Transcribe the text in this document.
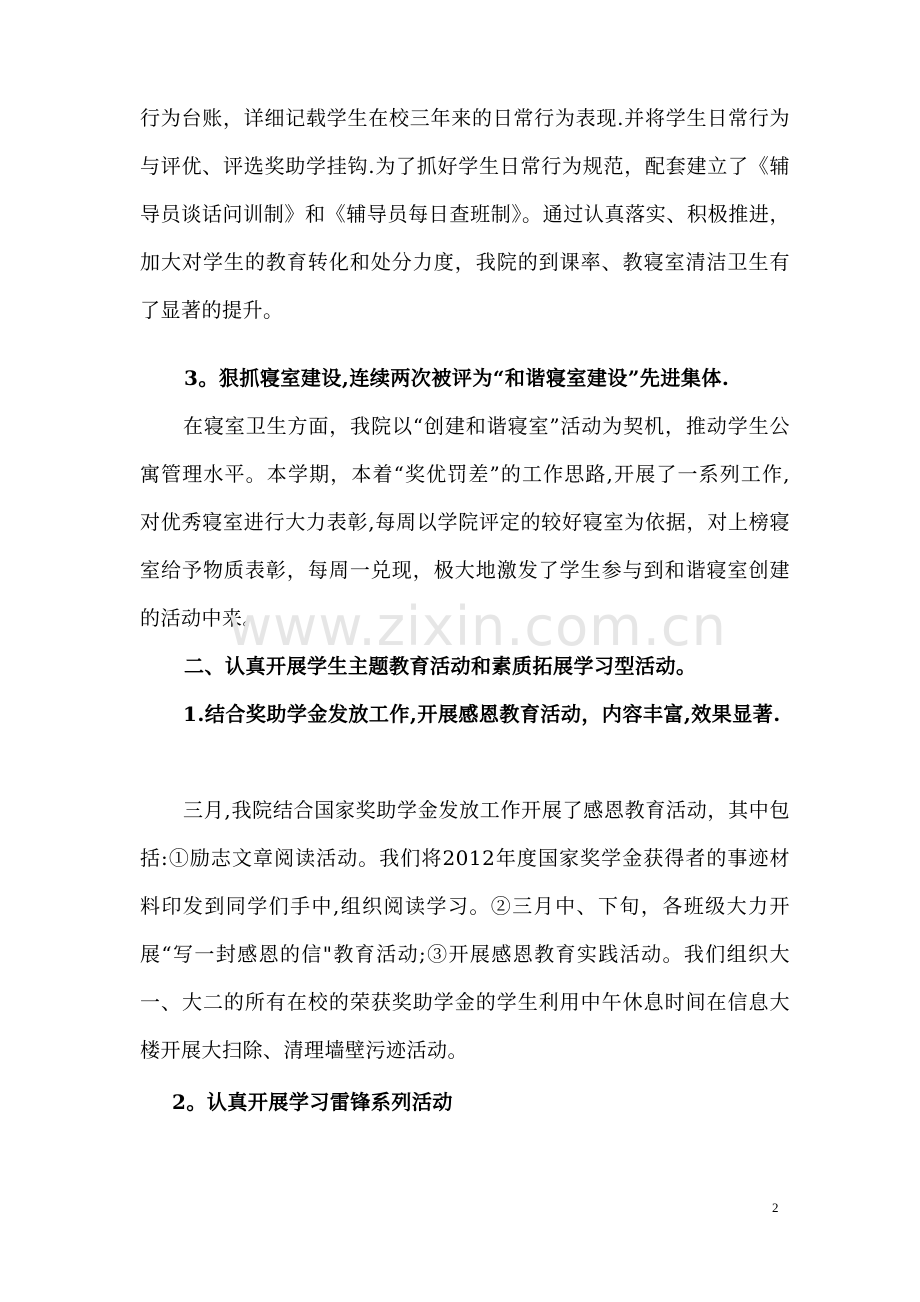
行为台账，详细记载学生在校三年来的日常行为表现.并将学生日常行为与评优、评选奖助学挂钩.为了抓好学生日常行为规范，配套建立了《辅导员谈话问训制》和《辅导员每日查班制》。通过认真落实、积极推进，加大对学生的教育转化和处分力度，我院的到课率、教寝室清洁卫生有了显著的提升。

3。狠抓寝室建设,连续两次被评为“和谐寝室建设”先进集体.

在寝室卫生方面，我院以“创建和谐寝室”活动为契机，推动学生公寓管理水平。本学期，本着“奖优罚差”的工作思路,开展了一系列工作,对优秀寝室进行大力表彰,每周以学院评定的较好寝室为依据，对上榜寝室给予物质表彰，每周一兑现，极大地激发了学生参与到和谐寝室创建的活动中来。

二、认真开展学生主题教育活动和素质拓展学习型活动。

1.结合奖助学金发放工作,开展感恩教育活动，内容丰富,效果显著.

三月,我院结合国家奖助学金发放工作开展了感恩教育活动，其中包括:①励志文章阅读活动。我们将2012年度国家奖学金获得者的事迹材料印发到同学们手中,组织阅读学习。②三月中、下旬，各班级大力开展“写一封感恩的信"教育活动;③开展感恩教育实践活动。我们组织大一、大二的所有在校的荣获奖助学金的学生利用中午休息时间在信息大楼开展大扫除、清理墙壁污迹活动。

2。认真开展学习雷锋系列活动

www.zixin.com.cn
2
